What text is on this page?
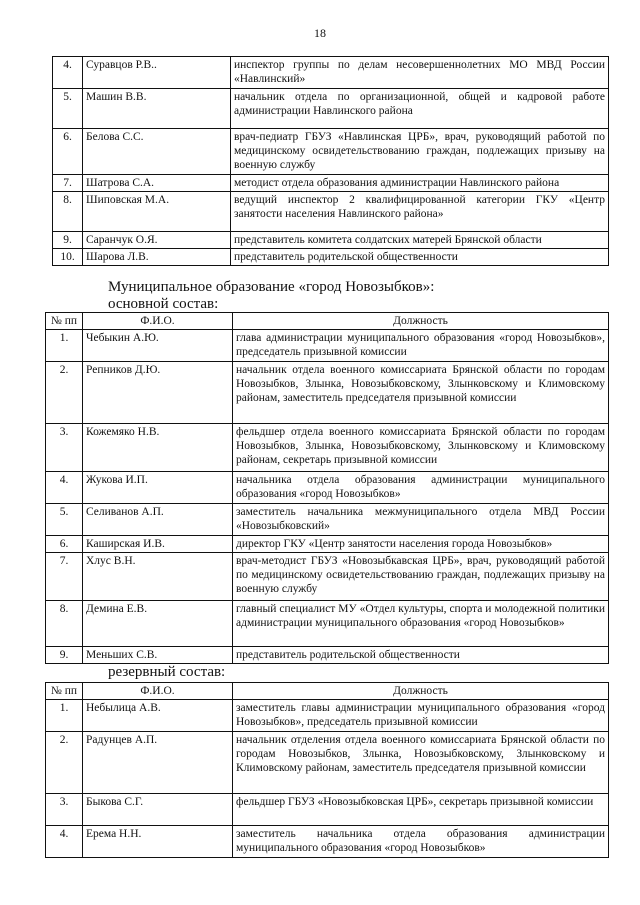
18
4.	Суравцов Р.В..	инспектор группы по делам несовершеннолетних МО МВД России «Навлинский»
5.	Машин В.В.	начальник отдела по организационной, общей и кадровой работе администрации Навлинского района
6.	Белова С.С.	врач-педиатр ГБУЗ «Навлинская ЦРБ», врач, руководящий работой по медицинскому освидетельствованию граждан, подлежащих призыву на военную службу
7.	Шатрова С.А.	методист отдела образования администрации Навлинского района
8.	Шиповская М.А.	ведущий инспектор 2 квалифицированной категории ГКУ «Центр занятости населения Навлинского района»
9.	Саранчук О.Я.	представитель комитета солдатских матерей Брянской области
10.	Шарова Л.В.	представитель родительской общественности
Муниципальное образование «город Новозыбков»:
основной состав:
№ пп	Ф.И.О.	Должность
1.	Чебыкин А.Ю.	глава администрации муниципального образования «город Новозыбков», председатель призывной комиссии
2.	Репников Д.Ю.	начальник отдела военного комиссариата Брянской области по городам Новозыбков, Злынка, Новозыбковскому, Злынковскому и Климовскому районам, заместитель председателя призывной комиссии
3.	Кожемяко Н.В.	фельдшер отдела военного комиссариата Брянской области по городам Новозыбков, Злынка, Новозыбковскому, Злынковскому и Климовскому районам, секретарь призывной комиссии
4.	Жукова И.П.	начальника отдела образования администрации муниципального образования «город Новозыбков»
5.	Селиванов А.П.	заместитель начальника межмуниципального отдела МВД России «Новозыбковский»
6.	Каширская И.В.	директор ГКУ «Центр занятости населения города Новозыбков»
7.	Хлус В.Н.	врач-методист ГБУЗ «Новозыбкавская ЦРБ», врач, руководящий работой по медицинскому освидетельствованию граждан, подлежащих призыву на военную службу
8.	Демина Е.В.	главный специалист МУ «Отдел культуры, спорта и молодежной политики администрации муниципального образования «город Новозыбков»
9.	Меньших С.В.	представитель родительской общественности
резервный состав:
№ пп	Ф.И.О.	Должность
1.	Небылица А.В.	заместитель главы администрации муниципального образования «город Новозыбков», председатель призывной комиссии
2.	Радунцев А.П.	начальник отделения отдела военного комиссариата Брянской области по городам Новозыбков, Злынка, Новозыбковскому, Злынковскому и Климовскому районам, заместитель председателя призывной комиссии
3.	Быкова С.Г.	фельдшер ГБУЗ «Новозыбковская ЦРБ», секретарь призывной комиссии
4.	Ерема Н.Н.	заместитель начальника отдела образования администрации муниципального образования «город Новозыбков»
